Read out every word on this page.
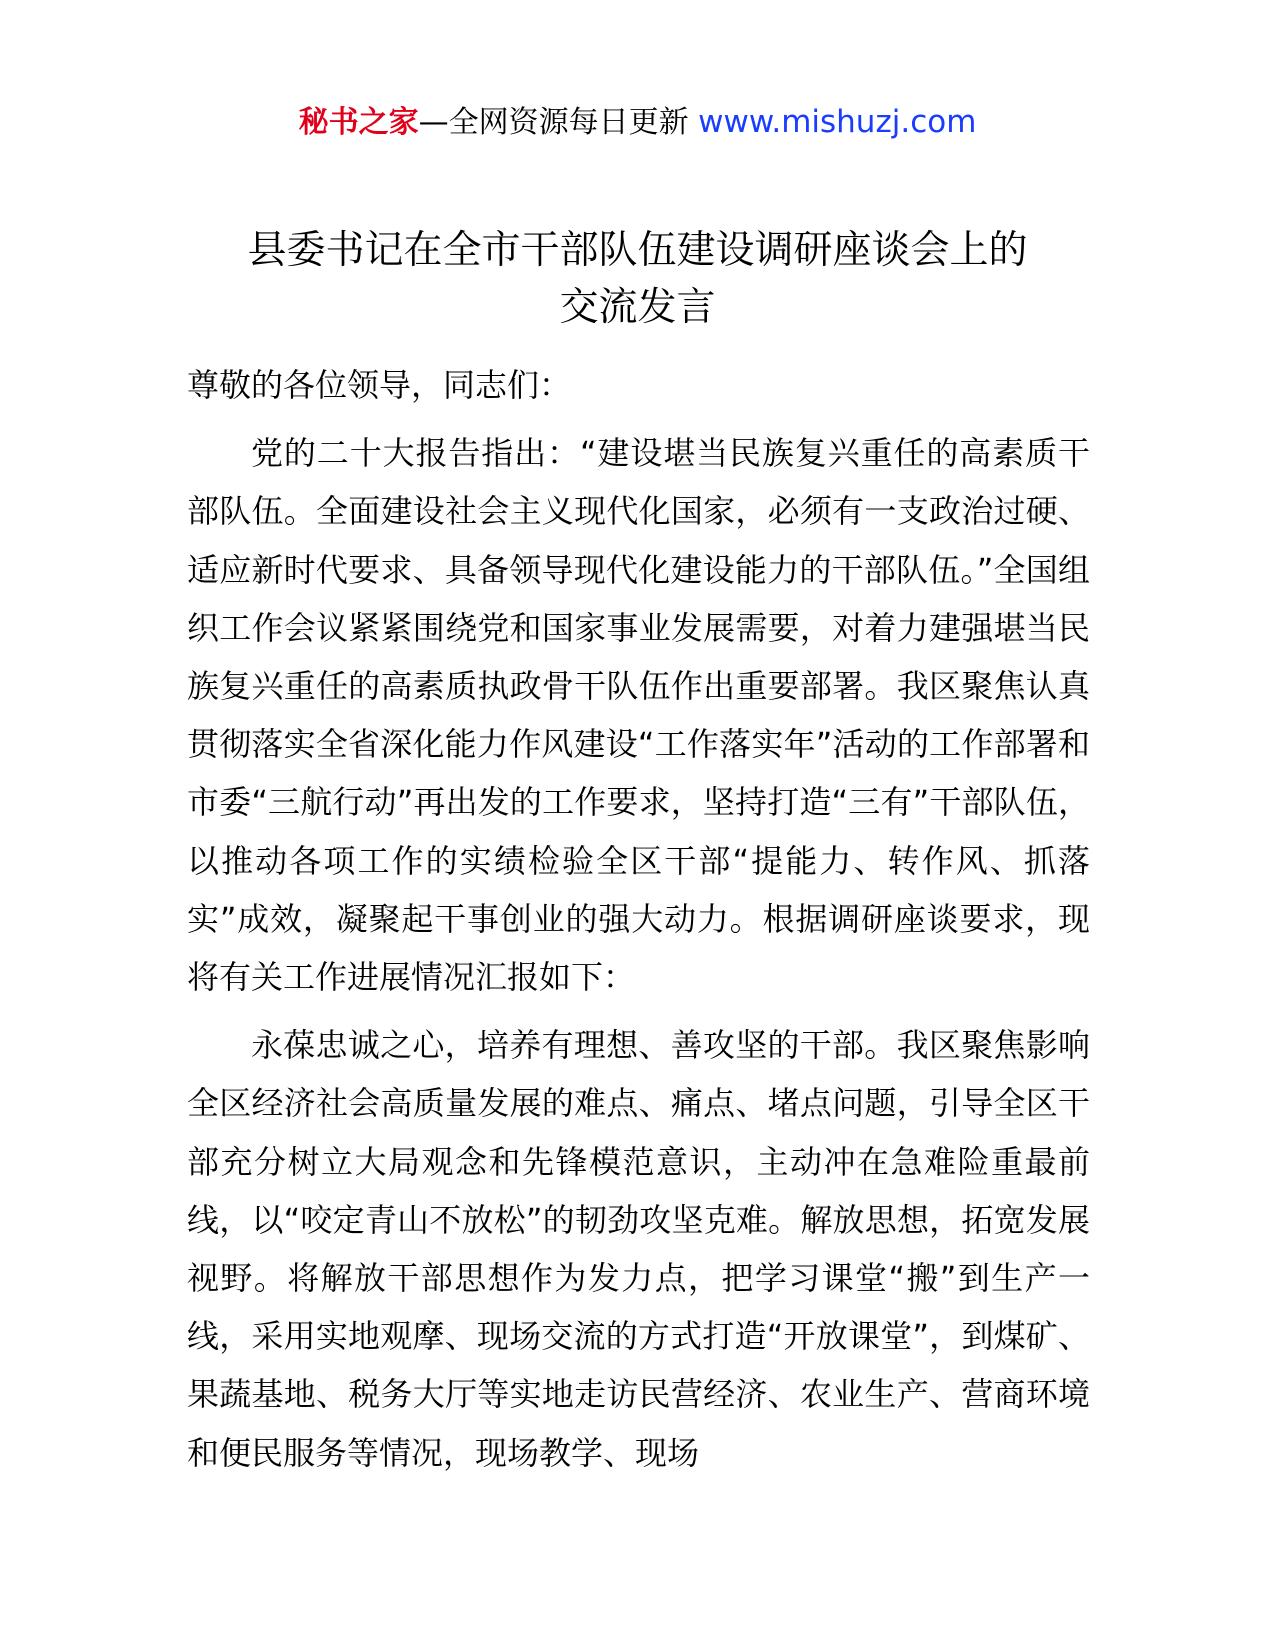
秘书之家—全网资源每日更新 www.mishuzj.com
县委书记在全市干部队伍建设调研座谈会上的
交流发言

尊敬的各位领导，同志们：

党的二十大报告指出：“建设堪当民族复兴重任的高素质干部队伍。全面建设社会主义现代化国家，必须有一支政治过硬、适应新时代要求、具备领导现代化建设能力的干部队伍。”全国组织工作会议紧紧围绕党和国家事业发展需要，对着力建强堪当民族复兴重任的高素质执政骨干队伍作出重要部署。我区聚焦认真贯彻落实全省深化能力作风建设“工作落实年”活动的工作部署和市委“三航行动”再出发的工作要求，坚持打造“三有”干部队伍，以推动各项工作的实绩检验全区干部“提能力、转作风、抓落实”成效，凝聚起干事创业的强大动力。根据调研座谈要求，现将有关工作进展情况汇报如下：

永葆忠诚之心，培养有理想、善攻坚的干部。我区聚焦影响全区经济社会高质量发展的难点、痛点、堵点问题，引导全区干部充分树立大局观念和先锋模范意识，主动冲在急难险重最前线，以“咬定青山不放松”的韧劲攻坚克难。解放思想，拓宽发展视野。将解放干部思想作为发力点，把学习课堂“搬”到生产一线，采用实地观摩、现场交流的方式打造“开放课堂”，到煤矿、果蔬基地、税务大厅等实地走访民营经济、农业生产、营商环境和便民服务等情况，现场教学、现场
